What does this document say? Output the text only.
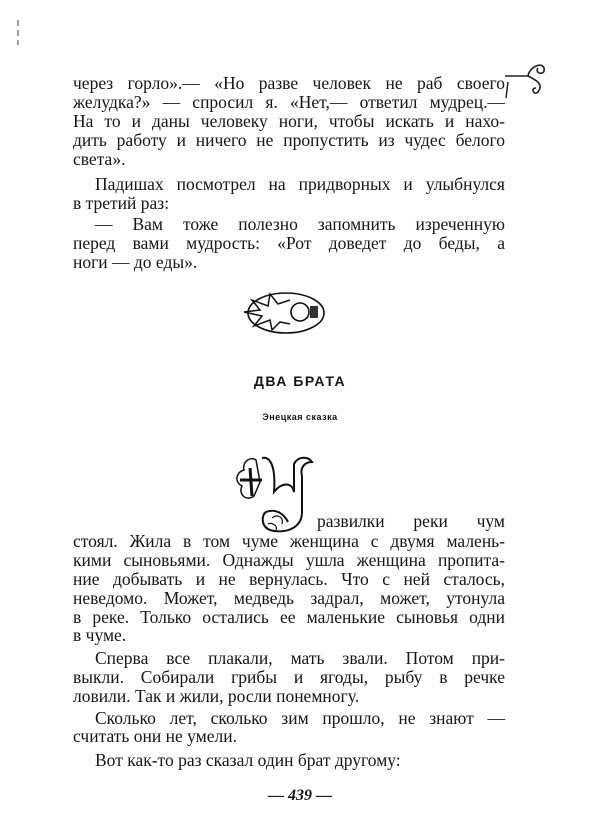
через горло».— «Но разве человек не раб своего
желудка?» — спросил я. «Нет,— ответил мудрец.—
На то и даны человеку ноги, чтобы искать и нахо-
дить работу и ничего не пропустить из чудес белого
света».
Падишах посмотрел на придворных и улыбнулся
в третий раз:
— Вам тоже полезно запомнить изреченную
перед вами мудрость: «Рот доведет до беды, а
ноги — до еды».
ДВА БРАТА
Энецкая сказка
развилки реки чум
стоял. Жила в том чуме женщина с двумя малень-
кими сыновьями. Однажды ушла женщина пропита-
ние добывать и не вернулась. Что с ней сталось,
неведомо. Может, медведь задрал, может, утонула
в реке. Только остались ее маленькие сыновья одни
в чуме.
Сперва все плакали, мать звали. Потом при-
выкли. Собирали грибы и ягоды, рыбу в речке
ловили. Так и жили, росли понемногу.
Сколько лет, сколько зим прошло, не знают —
считать они не умели.
Вот как-то раз сказал один брат другому:
— 439 —
